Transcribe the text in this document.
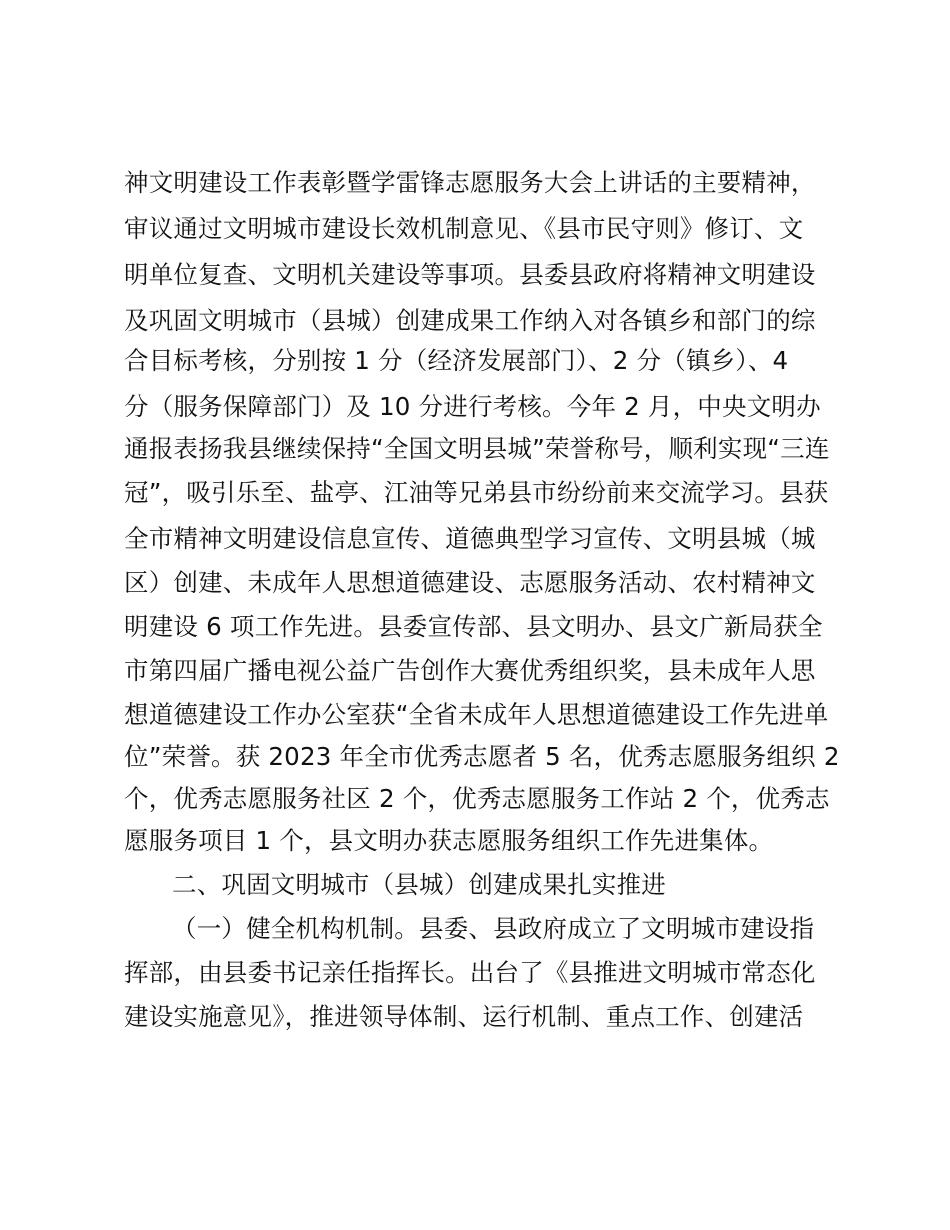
神文明建设工作表彰暨学雷锋志愿服务大会上讲话的主要精神，
审议通过文明城市建设长效机制意见、《县市民守则》修订、文
明单位复查、文明机关建设等事项。县委县政府将精神文明建设
及巩固文明城市（县城）创建成果工作纳入对各镇乡和部门的综
合目标考核，分别按 1 分（经济发展部门）、2 分（镇乡）、4
分（服务保障部门）及 10 分进行考核。今年 2 月，中央文明办
通报表扬我县继续保持“全国文明县城”荣誉称号，顺利实现“三连
冠”，吸引乐至、盐亭、江油等兄弟县市纷纷前来交流学习。县获
全市精神文明建设信息宣传、道德典型学习宣传、文明县城（城
区）创建、未成年人思想道德建设、志愿服务活动、农村精神文
明建设 6 项工作先进。县委宣传部、县文明办、县文广新局获全
市第四届广播电视公益广告创作大赛优秀组织奖，县未成年人思
想道德建设工作办公室获“全省未成年人思想道德建设工作先进单
位”荣誉。获 2023 年全市优秀志愿者 5 名，优秀志愿服务组织 2
个，优秀志愿服务社区 2 个，优秀志愿服务工作站 2 个，优秀志
愿服务项目 1 个，县文明办获志愿服务组织工作先进集体。
二、巩固文明城市（县城）创建成果扎实推进
（一）健全机构机制。县委、县政府成立了文明城市建设指
挥部，由县委书记亲任指挥长。出台了《县推进文明城市常态化
建设实施意见》，推进领导体制、运行机制、重点工作、创建活
